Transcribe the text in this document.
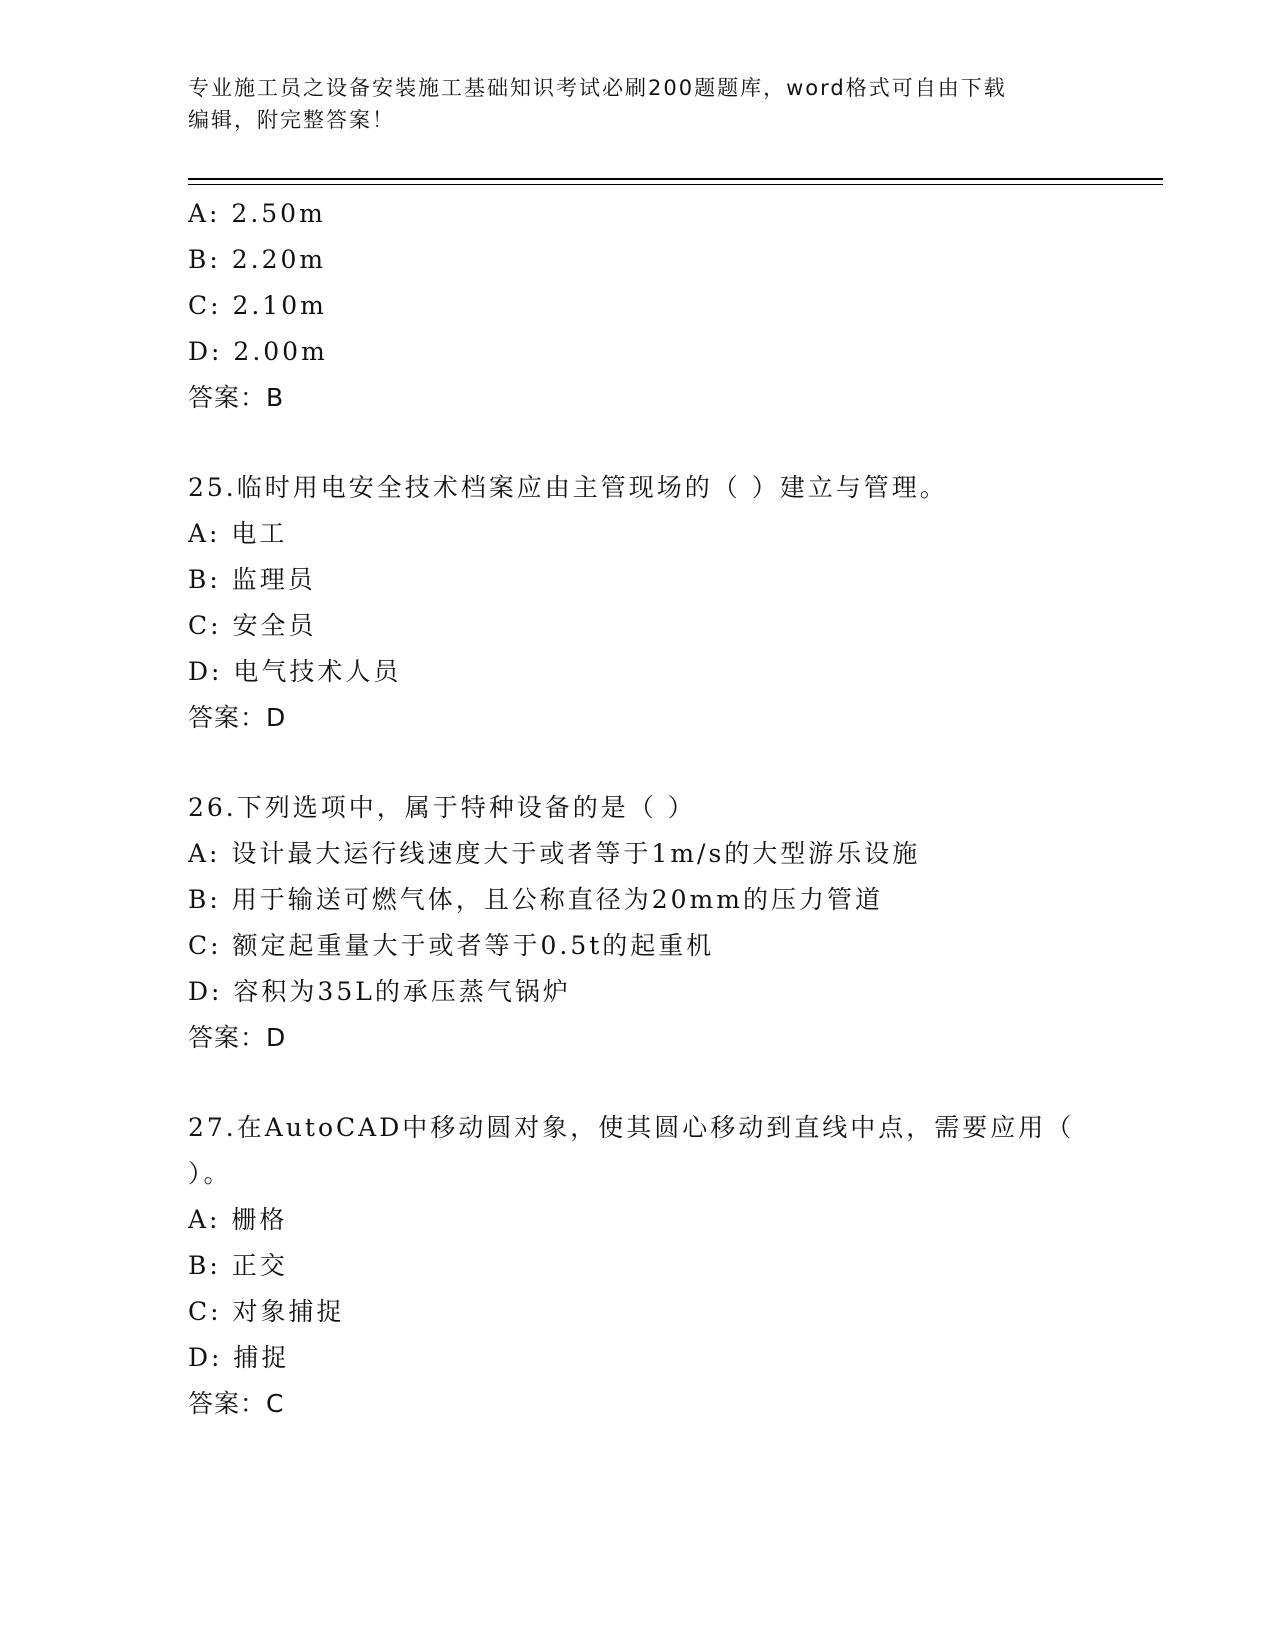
专业施工员之设备安装施工基础知识考试必刷200题题库，word格式可自由下载
编辑，附完整答案！
A: 2.50m
B: 2.20m
C: 2.10m
D: 2.00m
答案：B
25.临时用电安全技术档案应由主管现场的（ ）建立与管理。
A: 电工
B: 监理员
C: 安全员
D: 电气技术人员
答案：D
26.下列选项中，属于特种设备的是（ ）
A: 设计最大运行线速度大于或者等于1m/s的大型游乐设施
B: 用于输送可燃气体，且公称直径为20mm的压力管道
C: 额定起重量大于或者等于0.5t的起重机
D: 容积为35L的承压蒸气锅炉
答案：D
27.在AutoCAD中移动圆对象，使其圆心移动到直线中点，需要应用（
）。
A: 栅格
B: 正交
C: 对象捕捉
D: 捕捉
答案：C
